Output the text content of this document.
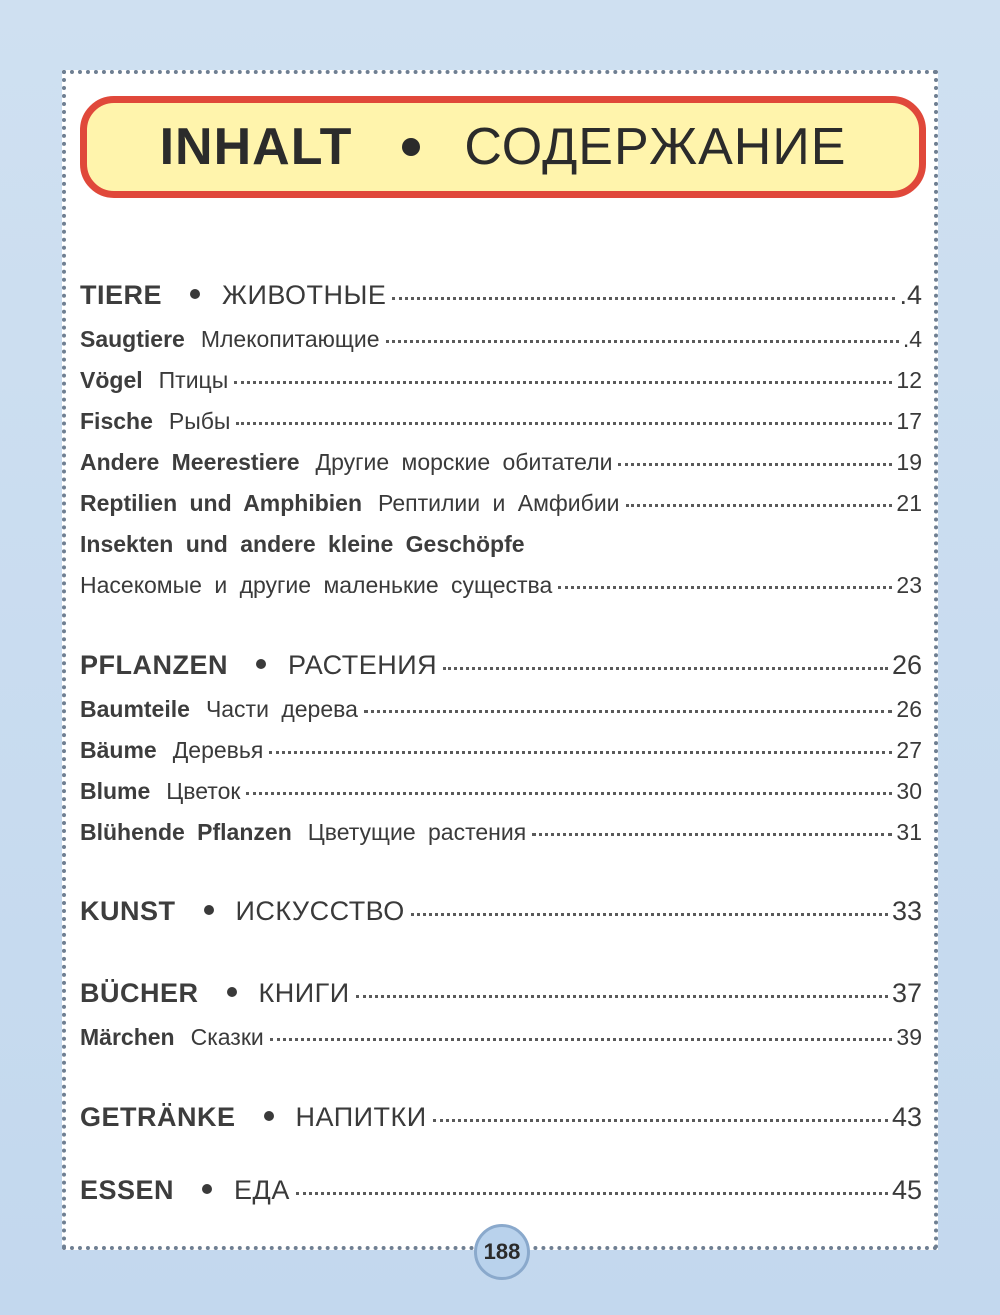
INHALT СОДЕРЖАНИЕ
TIERE ЖИВОТНЫЕ	.4
Saugtiere Млекопитающие	.4
Vögel Птицы	12
Fische Рыбы	17
Andere Meerestiere Другие морские обитатели	19
Reptilien und Amphibien Рептилии и Амфибии	21
Insekten und andere kleine Geschöpfe
Насекомые и другие маленькие существа	23
PFLANZEN РАСТЕНИЯ	26
Baumteile Части дерева	26
Bäume Деревья	27
Blume Цветок	30
Blühende Pflanzen Цветущие растения	31
KUNST ИСКУССТВО	33
BÜCHER КНИГИ	37
Märchen Сказки	39
GETRÄNKE НАПИТКИ	43
ESSEN ЕДА	45
188
